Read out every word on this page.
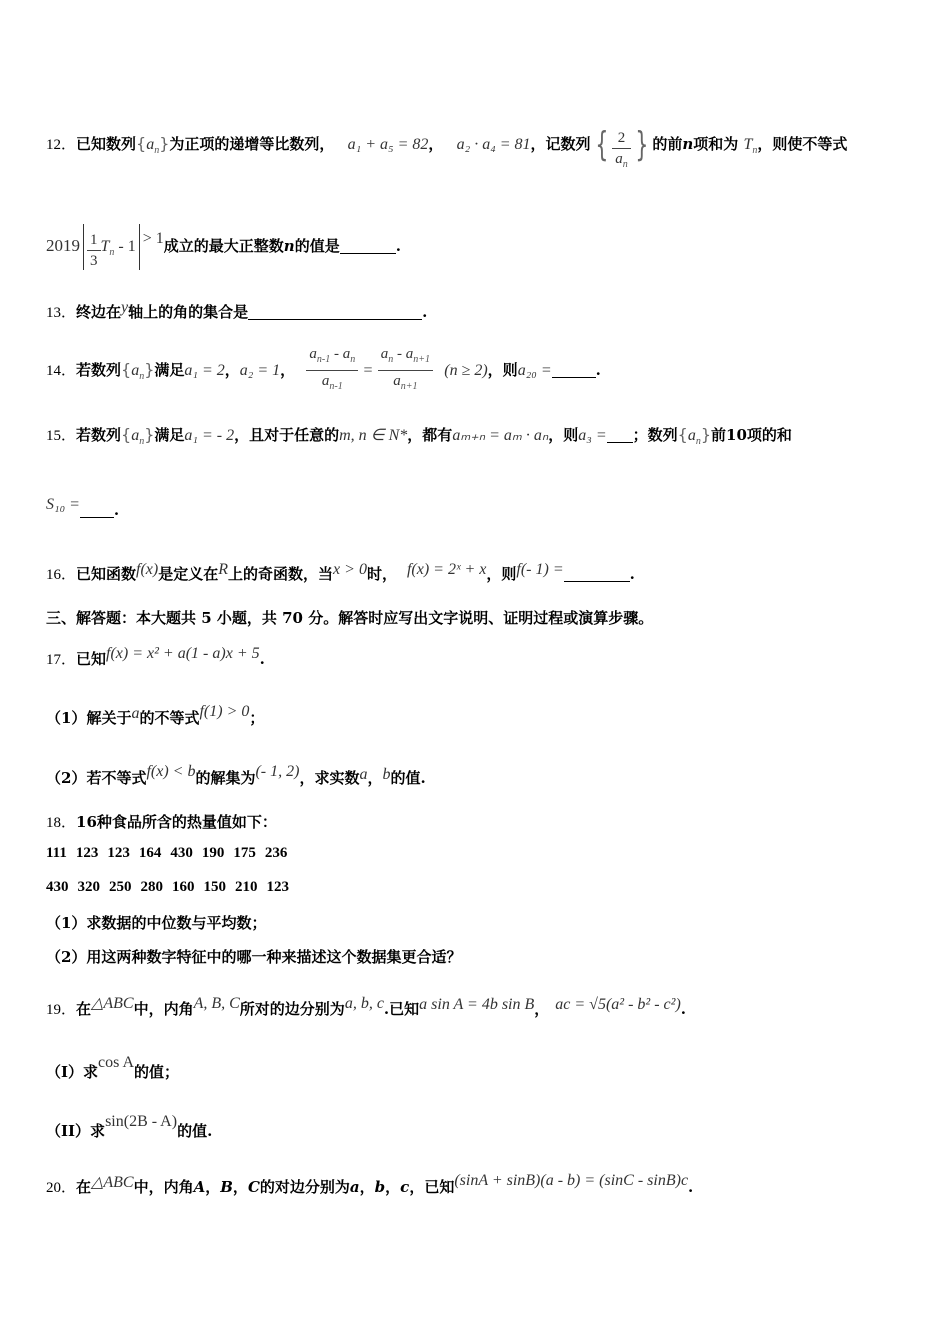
12．已知数列$\{a_n\}$为正项的递增等比数列， a₁ + a₅ = 82， a₂ · a₄ = 81，记数列 { $\frac{2}{a_n}$ } 的前n项和为 $T_n$，则使不等式
$2019 \frac{1}{3} T_n - 1 > 1$成立的最大正整数n的值是	.
13．终边在y轴上的角的集合是	.
14．若数列$\{a_n\}$满足a₁ = 2，a₂ = 1， $\frac{a_{n-1} - a_n}{a_{n-1}} = \frac{a_n - a_{n+1}}{a_{n+1}} (n \ge 2)$，则a₂₀ =	.
15．若数列$\{a_n\}$满足a₁ = - 2，且对于任意的m, n ∈ N*，都有aₘ₊ₙ = aₘ · aₙ，则a₃ = ；数列$\{a_n\}$前10项的和
S₁₀ = .
16．已知函数f(x)是定义在R上的奇函数，当x > 0时， f(x) = 2ˣ + x，则f(- 1) =	.
三、解答题：本大题共 5 小题，共 70 分。解答时应写出文字说明、证明过程或演算步骤。
17．已知f(x) = x² + a(1 - a)x + 5.
（1）解关于a的不等式f(1) > 0；
（2）若不等式f(x) < b的解集为(- 1, 2)，求实数a，b的值.
18．16种食品所含的热量值如下：
111 123 123 164 430 190 175 236
430 320 250 280 160 150 210 123
（1）求数据的中位数与平均数；
（2）用这两种数字特征中的哪一种来描述这个数据集更合适？
19．在△ABC中，内角A, B, C所对的边分别为a, b, c.已知a sin A = 4b sin B， ac = √5(a² - b² - c²).
（I）求cos A的值；
（II）求sin(2B - A)的值.
20．在△ABC中，内角A，B，C的对边分别为a，b，c，已知(sinA + sinB)(a - b) = (sinC - sinB)c.
